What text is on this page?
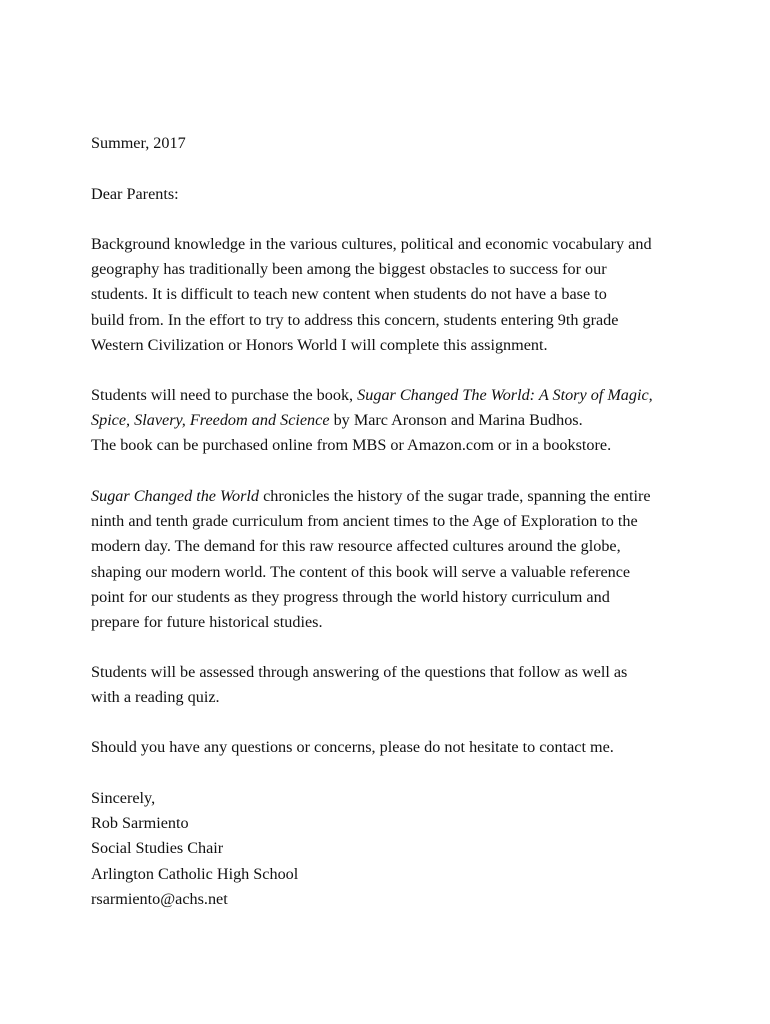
Summer, 2017
Dear Parents:
Background knowledge in the various cultures, political and economic vocabulary and
geography has traditionally been among the biggest obstacles to success for our
students. It is difficult to teach new content when students do not have a base to
build from. In the effort to try to address this concern, students entering 9th grade
Western Civilization or Honors World I will complete this assignment.
Students will need to purchase the book, Sugar Changed The World: A Story of Magic,
Spice, Slavery, Freedom and Science by Marc Aronson and Marina Budhos.
The book can be purchased online from MBS or Amazon.com or in a bookstore.
Sugar Changed the World chronicles the history of the sugar trade, spanning the entire
ninth and tenth grade curriculum from ancient times to the Age of Exploration to the
modern day. The demand for this raw resource affected cultures around the globe,
shaping our modern world. The content of this book will serve a valuable reference
point for our students as they progress through the world history curriculum and
prepare for future historical studies.
Students will be assessed through answering of the questions that follow as well as
with a reading quiz.
Should you have any questions or concerns, please do not hesitate to contact me.
Sincerely,
Rob Sarmiento
Social Studies Chair
Arlington Catholic High School
rsarmiento@achs.net
